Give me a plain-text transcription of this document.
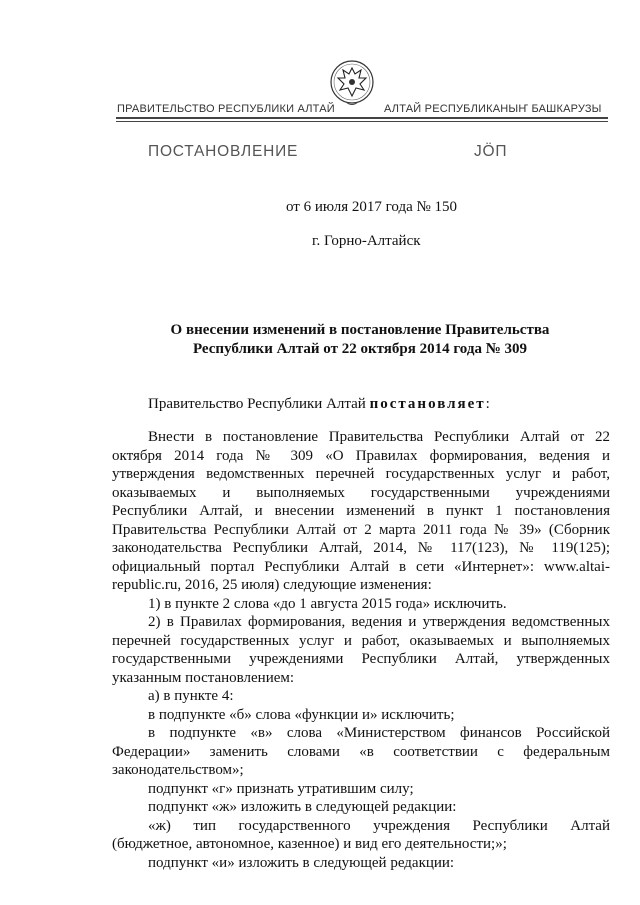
ПРАВИТЕЛЬСТВО РЕСПУБЛИКИ АЛТАЙ	АЛТАЙ РЕСПУБЛИКАНЫҤ БАШКАРУЗЫ
ПОСТАНОВЛЕНИЕ	ЈӦП
от 6 июля 2017 года № 150
г. Горно-Алтайск
О внесении изменений в постановление Правительства
Республики Алтай от 22 октября 2014 года № 309
Правительство Республики Алтай постановляет:

Внести в постановление Правительства Республики Алтай от 22

октября 2014 года № 309 «О Правилах формирования, ведения и

утверждения ведомственных перечней государственных услуг и работ,

оказываемых и выполняемых государственными учреждениями

Республики Алтай, и внесении изменений в пункт 1 постановления

Правительства Республики Алтай от 2 марта 2011 года № 39» (Сборник

законодательства Республики Алтай, 2014, № 117(123), № 119(125);

официальный портал Республики Алтай в сети «Интернет»: www.altai-

republic.ru, 2016, 25 июля) следующие изменения:

1) в пункте 2 слова «до 1 августа 2015 года» исключить.

2) в Правилах формирования, ведения и утверждения ведомственных

перечней государственных услуг и работ, оказываемых и выполняемых

государственными учреждениями Республики Алтай, утвержденных

указанным постановлением:

а) в пункте 4:

в подпункте «б» слова «функции и» исключить;

в подпункте «в» слова «Министерством финансов Российской

Федерации» заменить словами «в соответствии с федеральным

законодательством»;

подпункт «г» признать утратившим силу;

подпункт «ж» изложить в следующей редакции:

«ж) тип государственного учреждения Республики Алтай

(бюджетное, автономное, казенное) и вид его деятельности;»;

подпункт «и» изложить в следующей редакции:
